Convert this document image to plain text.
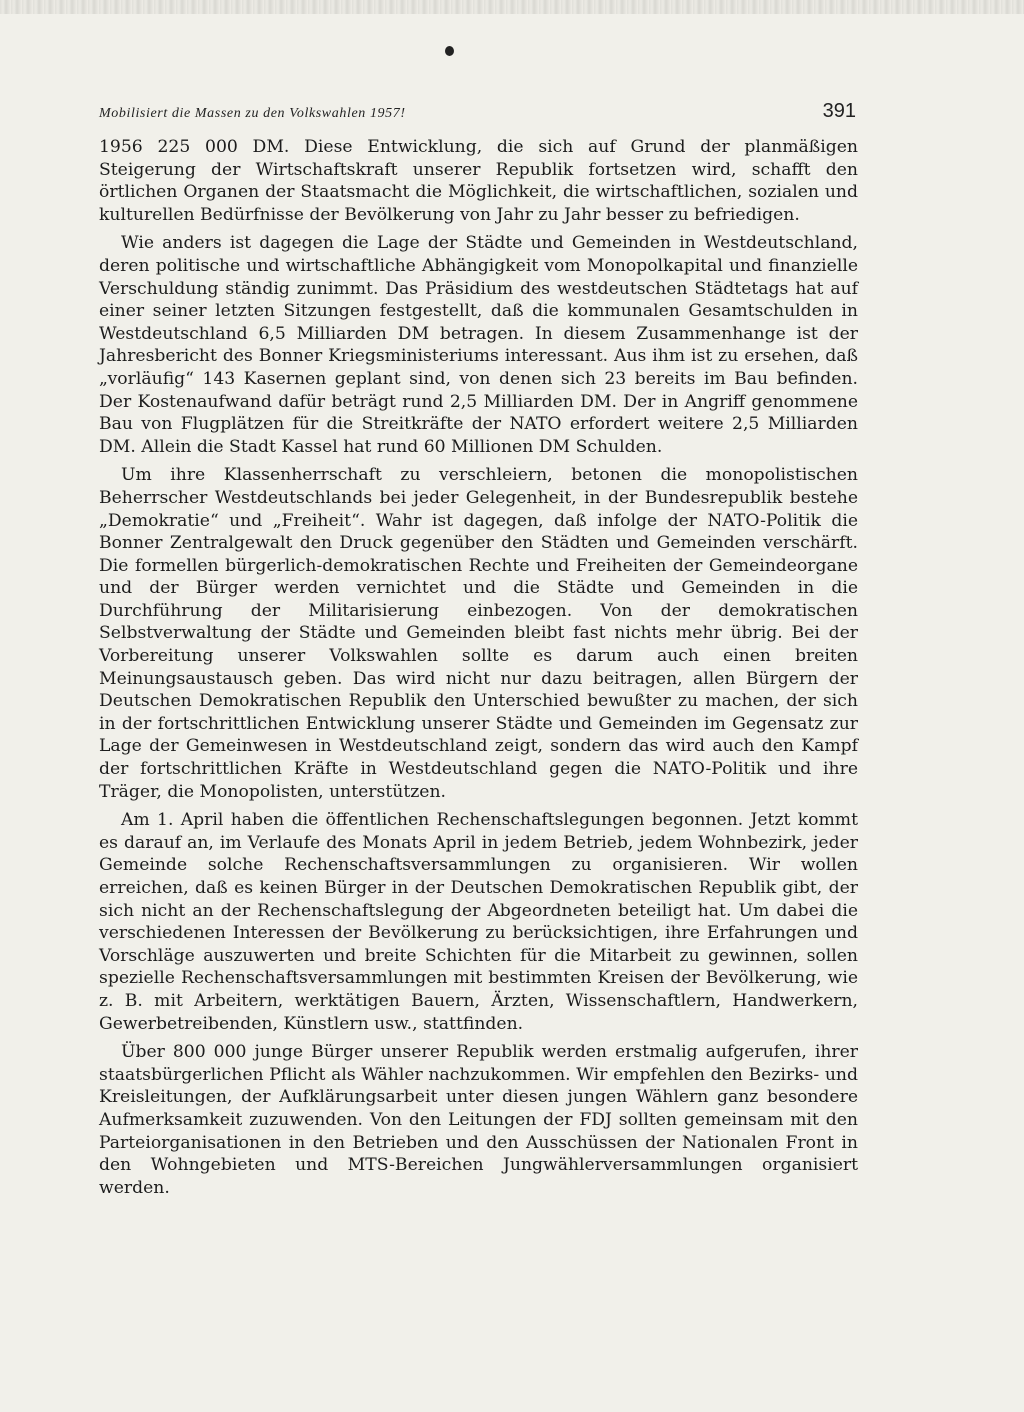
Mobilisiert die Massen zu den Volkswahlen 1957!	391

1956 225 000 DM. Diese Entwicklung, die sich auf Grund der planmäßigen Steigerung der Wirtschaftskraft unserer Republik fortsetzen wird, schafft den örtlichen Organen der Staatsmacht die Möglichkeit, die wirtschaftlichen, sozialen und kulturellen Bedürfnisse der Bevölkerung von Jahr zu Jahr besser zu befriedigen.

Wie anders ist dagegen die Lage der Städte und Gemeinden in Westdeutschland, deren politische und wirtschaftliche Abhängigkeit vom Monopolkapital und finanzielle Verschuldung ständig zunimmt. Das Präsidium des westdeutschen Städtetags hat auf einer seiner letzten Sitzungen festgestellt, daß die kommunalen Gesamtschulden in Westdeutschland 6,5 Milliarden DM betragen. In diesem Zusammenhange ist der Jahresbericht des Bonner Kriegsministeriums interessant. Aus ihm ist zu ersehen, daß „vorläufig“ 143 Kasernen geplant sind, von denen sich 23 bereits im Bau befinden. Der Kostenaufwand dafür beträgt rund 2,5 Milliarden DM. Der in Angriff genommene Bau von Flugplätzen für die Streitkräfte der NATO erfordert weitere 2,5 Milliarden DM. Allein die Stadt Kassel hat rund 60 Millionen DM Schulden.

Um ihre Klassenherrschaft zu verschleiern, betonen die monopolistischen Beherrscher Westdeutschlands bei jeder Gelegenheit, in der Bundesrepublik bestehe „Demokratie“ und „Freiheit“. Wahr ist dagegen, daß infolge der NATO-Politik die Bonner Zentralgewalt den Druck gegenüber den Städten und Gemeinden verschärft. Die formellen bürgerlich-demokratischen Rechte und Freiheiten der Gemeindeorgane und der Bürger werden vernichtet und die Städte und Gemeinden in die Durchführung der Militarisierung einbezogen. Von der demokratischen Selbstverwaltung der Städte und Gemeinden bleibt fast nichts mehr übrig. Bei der Vorbereitung unserer Volkswahlen sollte es darum auch einen breiten Meinungsaustausch geben. Das wird nicht nur dazu beitragen, allen Bürgern der Deutschen Demokratischen Republik den Unterschied bewußter zu machen, der sich in der fortschrittlichen Entwicklung unserer Städte und Gemeinden im Gegensatz zur Lage der Gemeinwesen in Westdeutschland zeigt, sondern das wird auch den Kampf der fortschrittlichen Kräfte in Westdeutschland gegen die NATO-Politik und ihre Träger, die Monopolisten, unterstützen.

Am 1. April haben die öffentlichen Rechenschaftslegungen begonnen. Jetzt kommt es darauf an, im Verlaufe des Monats April in jedem Betrieb, jedem Wohnbezirk, jeder Gemeinde solche Rechenschaftsversammlungen zu organisieren. Wir wollen erreichen, daß es keinen Bürger in der Deutschen Demokratischen Republik gibt, der sich nicht an der Rechenschaftslegung der Abgeordneten beteiligt hat. Um dabei die verschiedenen Interessen der Bevölkerung zu berücksichtigen, ihre Erfahrungen und Vorschläge auszuwerten und breite Schichten für die Mitarbeit zu gewinnen, sollen spezielle Rechenschaftsversammlungen mit bestimmten Kreisen der Bevölkerung, wie z. B. mit Arbeitern, werktätigen Bauern, Ärzten, Wissenschaftlern, Handwerkern, Gewerbetreibenden, Künstlern usw., stattfinden.

Über 800 000 junge Bürger unserer Republik werden erstmalig aufgerufen, ihrer staatsbürgerlichen Pflicht als Wähler nachzukommen. Wir empfehlen den Bezirks- und Kreisleitungen, der Aufklärungsarbeit unter diesen jungen Wählern ganz besondere Aufmerksamkeit zuzuwenden. Von den Leitungen der FDJ sollten gemeinsam mit den Parteiorganisationen in den Betrieben und den Ausschüssen der Nationalen Front in den Wohngebieten und MTS-Bereichen Jungwählerversammlungen organisiert werden.
